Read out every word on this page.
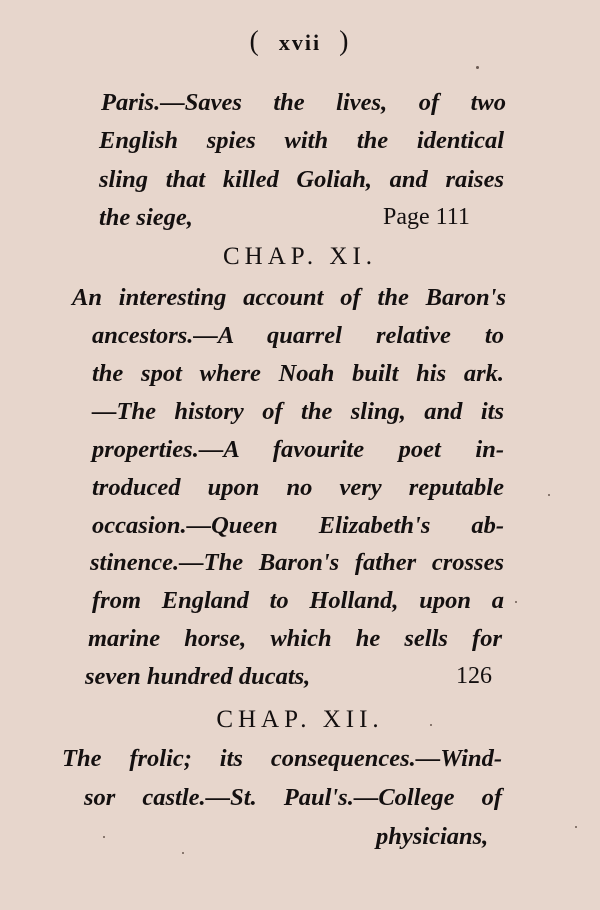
( xvii )
Paris.—Saves the lives, of two
English spies with the identical
sling that killed Goliah, and raises
the siege,	Page 111
CHAP. XI.
An interesting account of the Baron's
ancestors.—A quarrel relative to
the spot where Noah built his ark.
—The history of the sling, and its
properties.—A favourite poet in-
troduced upon no very reputable
occasion.—Queen Elizabeth's ab-
stinence.—The Baron's father crosses
from England to Holland, upon a
marine horse, which he sells for
seven hundred ducats,	126
CHAP. XII.
The frolic; its consequences.—Wind-
sor castle.—St. Paul's.—College of
physicians,
